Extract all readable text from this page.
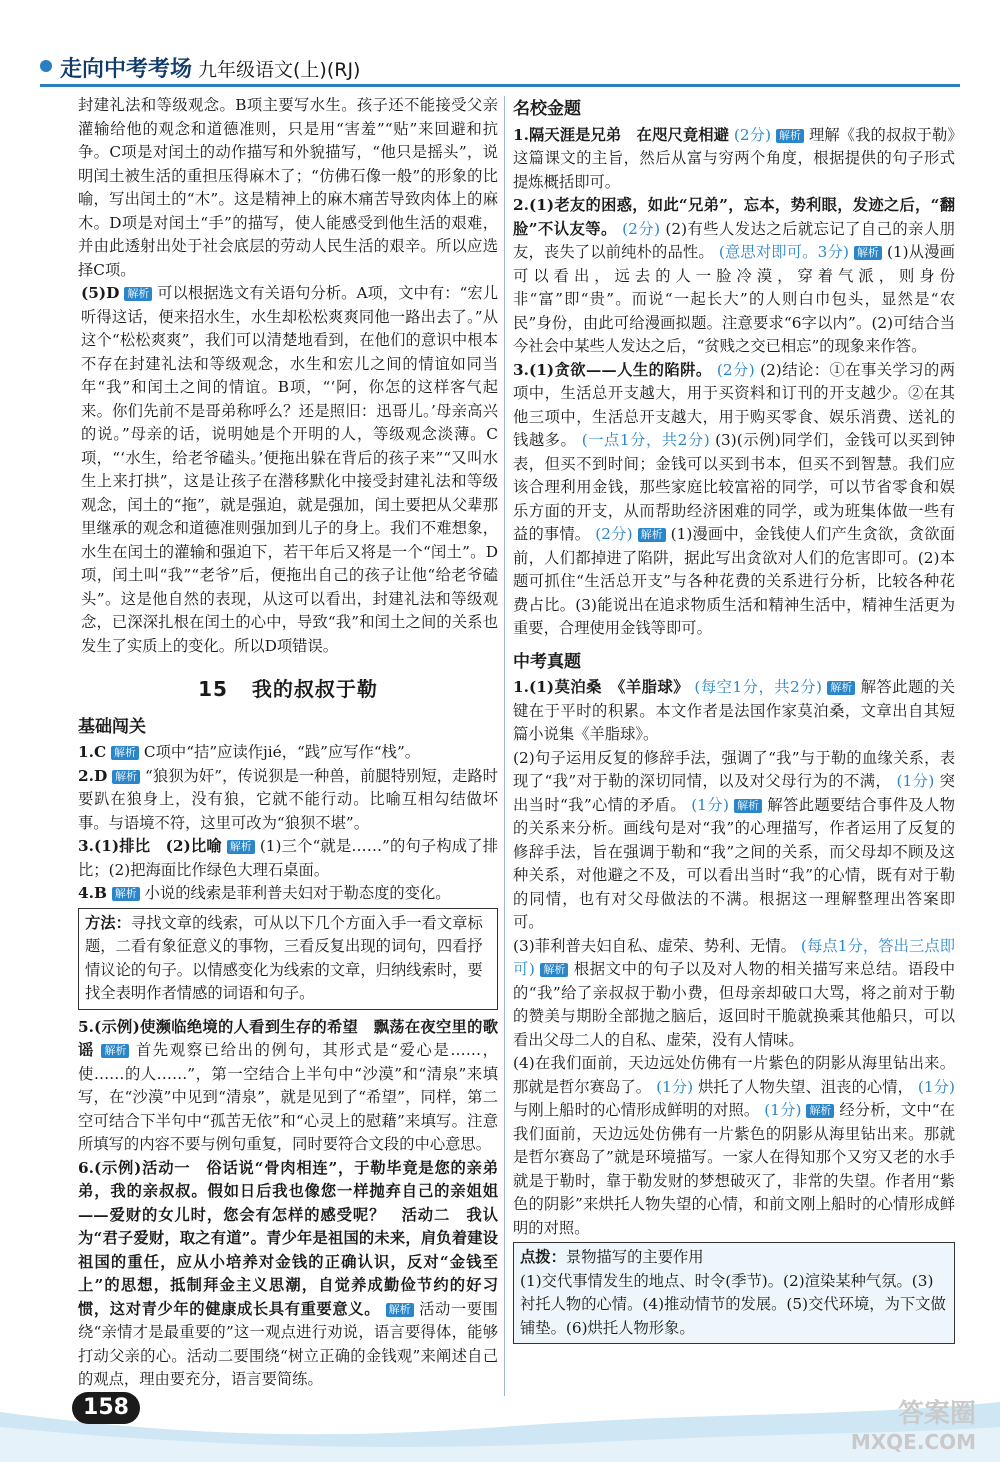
走向中考考场 九年级语文(上)(RJ)

封建礼法和等级观念。B项主要写水生。孩子还不能接受父亲灌输给他的观念和道德准则，只是用“害羞”“贴”来回避和抗争。C项是对闰土的动作描写和外貌描写，“他只是摇头”，说明闰土被生活的重担压得麻木了；“仿佛石像一般”的形象的比喻，写出闰土的“木”。这是精神上的麻木痛苦导致肉体上的麻木。D项是对闰土“手”的描写，使人能感受到他生活的艰难，并由此透射出处于社会底层的劳动人民生活的艰辛。所以应选择C项。

(5)D 解析 可以根据选文有关语句分析。A项，文中有：“宏儿听得这话，便来招水生，水生却松松爽爽同他一路出去了。”从这个“松松爽爽”，我们可以清楚地看到，在他们的意识中根本不存在封建礼法和等级观念，水生和宏儿之间的情谊如同当年“我”和闰土之间的情谊。B项，“‘阿，你怎的这样客气起来。你们先前不是哥弟称呼么？还是照旧：迅哥儿。’母亲高兴的说。”母亲的话，说明她是个开明的人，等级观念淡薄。C项，“‘水生，给老爷磕头。’便拖出躲在背后的孩子来”“又叫水生上来打拱”，这是让孩子在潜移默化中接受封建礼法和等级观念，闰土的“拖”，就是强迫，就是强加，闰土要把从父辈那里继承的观念和道德准则强加到儿子的身上。我们不难想象，水生在闰土的灌输和强迫下，若干年后又将是一个“闰土”。D项，闰土叫“我”“老爷”后，便拖出自己的孩子让他“给老爷磕头”。这是他自然的表现，从这可以看出，封建礼法和等级观念，已深深扎根在闰土的心中，导致“我”和闰土之间的关系也发生了实质上的变化。所以D项错误。

15 我的叔叔于勒
基础闯关

1.C 解析 C项中“拮”应读作jié，“践”应写作“栈”。

2.D 解析 “狼狈为奸”，传说狈是一种兽，前腿特别短，走路时要趴在狼身上，没有狼，它就不能行动。比喻互相勾结做坏事。与语境不符，这里可改为“狼狈不堪”。

3.(1)排比　(2)比喻 解析 (1)三个“就是……”的句子构成了排比；(2)把海面比作绿色大理石桌面。

4.B 解析 小说的线索是菲利普夫妇对于勒态度的变化。

方法：寻找文章的线索，可从以下几个方面入手一看文章标题，二看有象征意义的事物，三看反复出现的词句，四看抒情议论的句子。以情感变化为线索的文章，归纳线索时，要找全表明作者情感的词语和句子。

5.(示例)使濒临绝境的人看到生存的希望　飘荡在夜空里的歌谣 解析 首先观察已给出的例句，其形式是“爱心是……，使……的人……”，第一空结合上半句中“沙漠”和“清泉”来填写，在“沙漠”中见到“清泉”，就是见到了“希望”，同样，第二空可结合下半句中“孤苦无依”和“心灵上的慰藉”来填写。注意所填写的内容不要与例句重复，同时要符合文段的中心意思。

6.(示例)活动一　俗话说“骨肉相连”，于勒毕竟是您的亲弟弟，我的亲叔叔。假如日后我也像您一样抛弃自己的亲姐姐——爱财的女儿时，您会有怎样的感受呢？　活动二　我认为“君子爱财，取之有道”。青少年是祖国的未来，肩负着建设祖国的重任，应从小培养对金钱的正确认识，反对“金钱至上”的思想，抵制拜金主义思潮，自觉养成勤俭节约的好习惯，这对青少年的健康成长具有重要意义。 解析 活动一要围绕“亲情才是最重要的”这一观点进行劝说，语言要得体，能够打动父亲的心。活动二要围绕“树立正确的金钱观”来阐述自己的观点，理由要充分，语言要简练。

名校金题

1.隔天涯是兄弟　在咫尺竟相避 (2分) 解析 理解《我的叔叔于勒》这篇课文的主旨，然后从富与穷两个角度，根据提供的句子形式提炼概括即可。

2.(1)老友的困惑，如此“兄弟”，忘本，势利眼，发迹之后，“翻脸”不认友等。 (2分) (2)有些人发达之后就忘记了自己的亲人朋友，丧失了以前纯朴的品性。 (意思对即可。3分) 解析 (1)从漫画可以看出，远去的人一脸冷漠，穿着气派，则身份非“富”即“贵”。而说“一起长大”的人则白巾包头，显然是“农民”身份，由此可给漫画拟题。注意要求“6字以内”。(2)可结合当今社会中某些人发达之后，“贫贱之交已相忘”的现象来作答。

3.(1)贪欲——人生的陷阱。 (2分) (2)结论：①在事关学习的两项中，生活总开支越大，用于买资料和订刊的开支越少。②在其他三项中，生活总开支越大，用于购买零食、娱乐消费、送礼的钱越多。 (一点1分，共2分) (3)(示例)同学们，金钱可以买到钟表，但买不到时间；金钱可以买到书本，但买不到智慧。我们应该合理利用金钱，那些家庭比较富裕的同学，可以节省零食和娱乐方面的开支，从而帮助经济困难的同学，或为班集体做一些有益的事情。 (2分) 解析 (1)漫画中，金钱使人们产生贪欲，贪欲面前，人们都掉进了陷阱，据此写出贪欲对人们的危害即可。(2)本题可抓住“生活总开支”与各种花费的关系进行分析，比较各种花费占比。(3)能说出在追求物质生活和精神生活中，精神生活更为重要，合理使用金钱等即可。

中考真题

1.(1)莫泊桑　《羊脂球》 (每空1分，共2分) 解析 解答此题的关键在于平时的积累。本文作者是法国作家莫泊桑，文章出自其短篇小说集《羊脂球》。

(2)句子运用反复的修辞手法，强调了“我”与于勒的血缘关系，表现了“我”对于勒的深切同情，以及对父母行为的不满， (1分) 突出当时“我”心情的矛盾。 (1分) 解析 解答此题要结合事件及人物的关系来分析。画线句是对“我”的心理描写，作者运用了反复的修辞手法，旨在强调于勒和“我”之间的关系，而父母却不顾及这种关系，对他避之不及，可以看出当时“我”的心情，既有对于勒的同情，也有对父母做法的不满。根据这一理解整理出答案即可。

(3)菲利普夫妇自私、虚荣、势利、无情。 (每点1分，答出三点即可) 解析 根据文中的句子以及对人物的相关描写来总结。语段中的“我”给了亲叔叔于勒小费，但母亲却破口大骂，将之前对于勒的赞美与期盼全部抛之脑后，返回时干脆就换乘其他船只，可以看出父母二人的自私、虚荣，没有人情味。

(4)在我们面前，天边远处仿佛有一片紫色的阴影从海里钻出来。那就是哲尔赛岛了。 (1分) 烘托了人物失望、沮丧的心情， (1分) 与刚上船时的心情形成鲜明的对照。 (1分) 解析 经分析，文中“在我们面前，天边远处仿佛有一片紫色的阴影从海里钻出来。那就是哲尔赛岛了”就是环境描写。一家人在得知那个又穷又老的水手就是于勒时，靠于勒发财的梦想破灭了，非常的失望。作者用“紫色的阴影”来烘托人物失望的心情，和前文刚上船时的心情形成鲜明的对照。

点拨：景物描写的主要作用
(1)交代事情发生的地点、时令(季节)。(2)渲染某种气氛。(3)衬托人物的心情。(4)推动情节的发展。(5)交代环境，为下文做铺垫。(6)烘托人物形象。
158	答案圈
MXQE.COM
